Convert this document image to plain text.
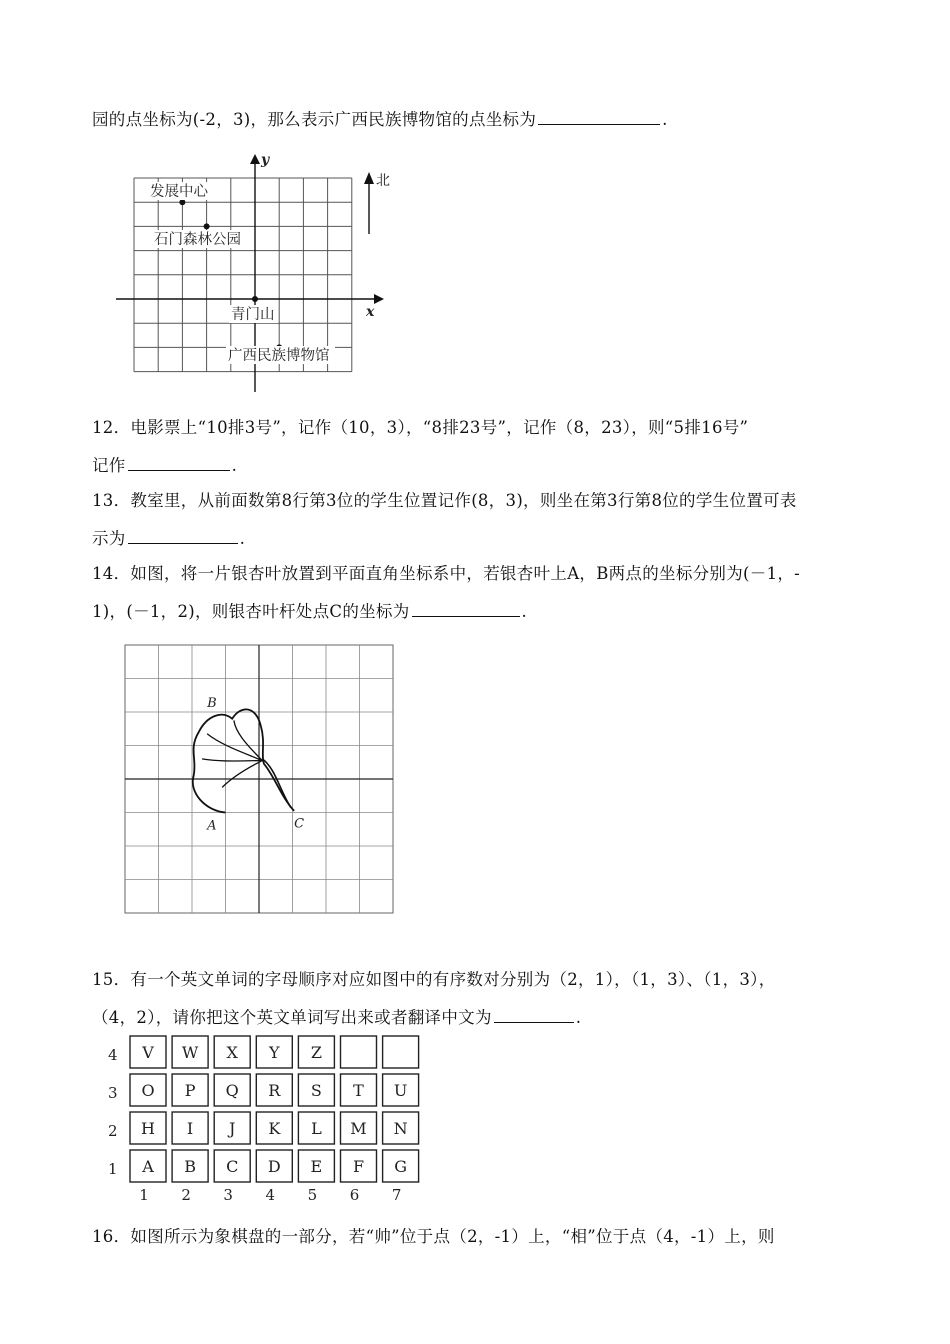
园的点坐标为(-2，3)，那么表示广西民族博物馆的点坐标为	.
y
x
北
发展中心
石门森林公园
青门山
广西民族博物馆
12．电影票上“10排3号”，记作（10，3），“8排23号”，记作（8，23），则“5排16号”
记作	.
13．教室里，从前面数第8行第3位的学生位置记作(8，3)，则坐在第3行第8位的学生位置可表
示为	.
14．如图，将一片银杏叶放置到平面直角坐标系中，若银杏叶上A，B两点的坐标分别为(－1，-
1)，(－1，2)，则银杏叶杆处点C的坐标为	.
B
A	C
15．有一个英文单词的字母顺序对应如图中的有序数对分别为（2，1），（1，3）、（1，3），
（4，2），请你把这个英文单词写出来或者翻译中文为	.
4 V W X Y Z
3 O P Q R S T U
2 H I J K L M N
1 A B C D E F G
1 2 3 4 5 6 7
16．如图所示为象棋盘的一部分，若“帅”位于点（2，-1）上，“相”位于点（4，-1）上，则
